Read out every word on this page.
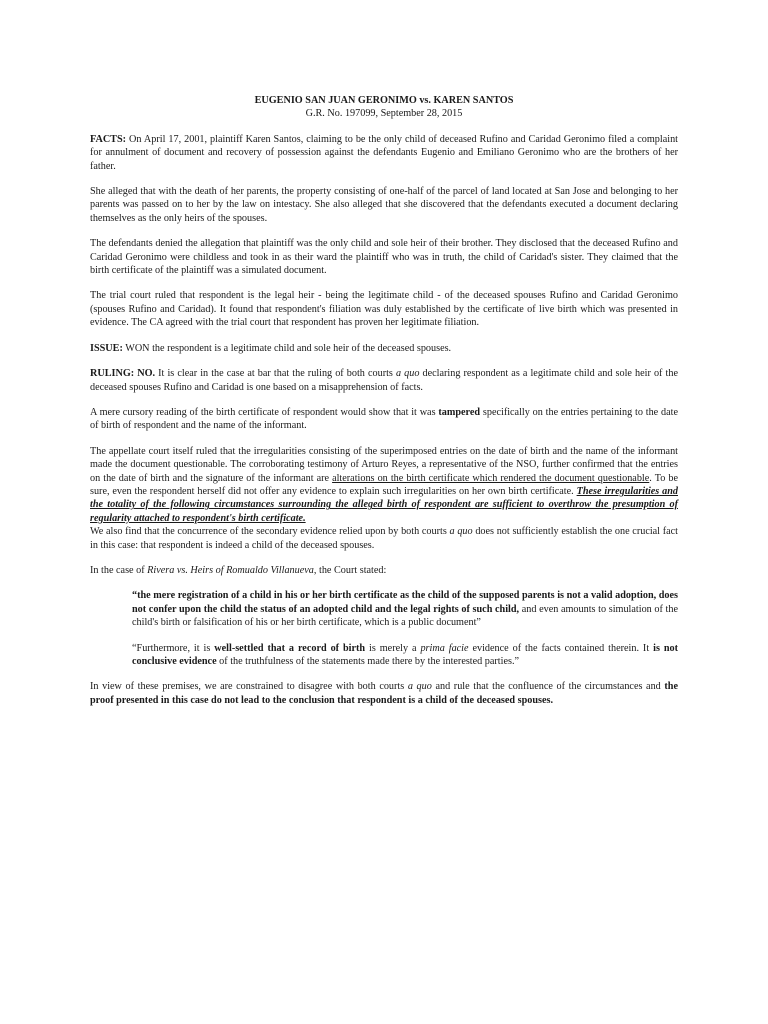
EUGENIO SAN JUAN GERONIMO vs. KAREN SANTOS

G.R. No. 197099, September 28, 2015

FACTS: On April 17, 2001, plaintiff Karen Santos, claiming to be the only child of deceased Rufino and Caridad Geronimo filed a complaint for annulment of document and recovery of possession against the defendants Eugenio and Emiliano Geronimo who are the brothers of her father.

She alleged that with the death of her parents, the property consisting of one-half of the parcel of land located at San Jose and belonging to her parents was passed on to her by the law on intestacy. She also alleged that she discovered that the defendants executed a document declaring themselves as the only heirs of the spouses.

The defendants denied the allegation that plaintiff was the only child and sole heir of their brother. They disclosed that the deceased Rufino and Caridad Geronimo were childless and took in as their ward the plaintiff who was in truth, the child of Caridad's sister. They claimed that the birth certificate of the plaintiff was a simulated document.

The trial court ruled that respondent is the legal heir - being the legitimate child - of the deceased spouses Rufino and Caridad Geronimo (spouses Rufino and Caridad). It found that respondent's filiation was duly established by the certificate of live birth which was presented in evidence. The CA agreed with the trial court that respondent has proven her legitimate filiation.

ISSUE: WON the respondent is a legitimate child and sole heir of the deceased spouses.

RULING: NO. It is clear in the case at bar that the ruling of both courts a quo declaring respondent as a legitimate child and sole heir of the deceased spouses Rufino and Caridad is one based on a misapprehension of facts.

A mere cursory reading of the birth certificate of respondent would show that it was tampered specifically on the entries pertaining to the date of birth of respondent and the name of the informant.

The appellate court itself ruled that the irregularities consisting of the superimposed entries on the date of birth and the name of the informant made the document questionable. The corroborating testimony of Arturo Reyes, a representative of the NSO, further confirmed that the entries on the date of birth and the signature of the informant are alterations on the birth certificate which rendered the document questionable. To be sure, even the respondent herself did not offer any evidence to explain such irregularities on her own birth certificate. These irregularities and the totality of the following circumstances surrounding the alleged birth of respondent are sufficient to overthrow the presumption of regularity attached to respondent's birth certificate.

We also find that the concurrence of the secondary evidence relied upon by both courts a quo does not sufficiently establish the one crucial fact in this case: that respondent is indeed a child of the deceased spouses.

In the case of Rivera vs. Heirs of Romualdo Villanueva, the Court stated:

“the mere registration of a child in his or her birth certificate as the child of the supposed parents is not a valid adoption, does not confer upon the child the status of an adopted child and the legal rights of such child, and even amounts to simulation of the child's birth or falsification of his or her birth certificate, which is a public document”

“Furthermore, it is well-settled that a record of birth is merely a prima facie evidence of the facts contained therein. It is not conclusive evidence of the truthfulness of the statements made there by the interested parties.”

In view of these premises, we are constrained to disagree with both courts a quo and rule that the confluence of the circumstances and the proof presented in this case do not lead to the conclusion that respondent is a child of the deceased spouses.
